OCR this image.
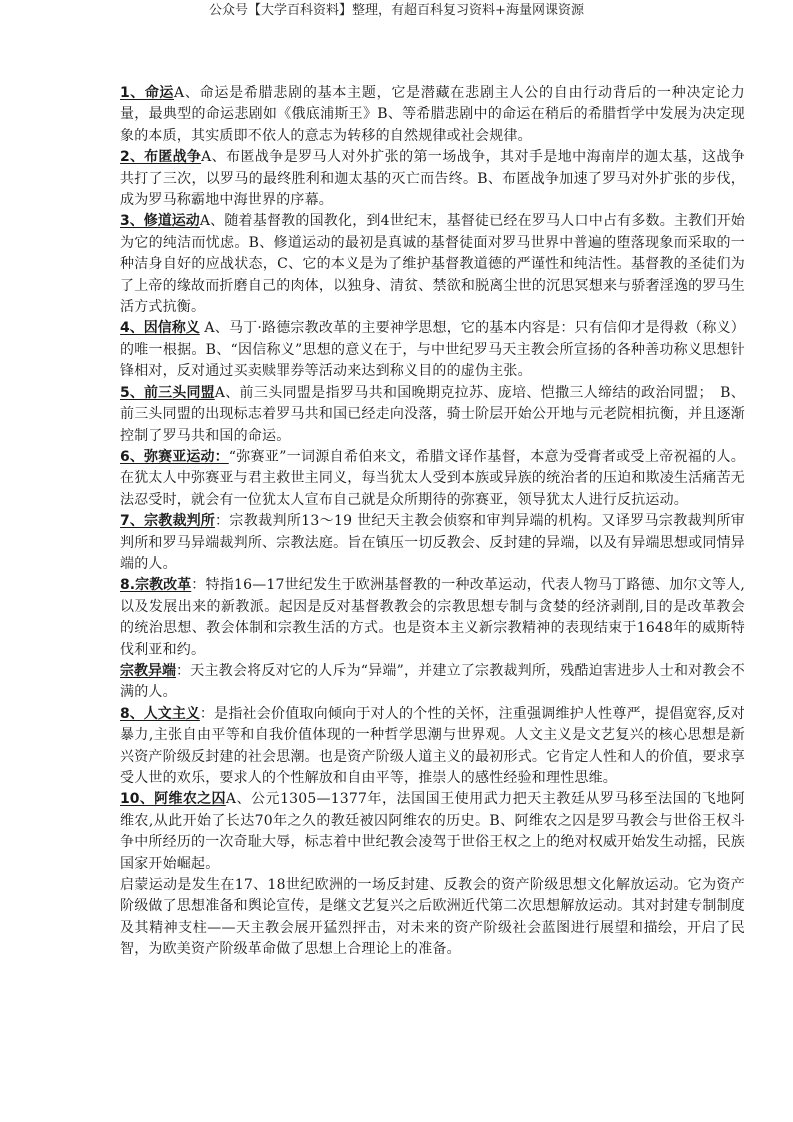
公众号【大学百科资料】整理，有超百科复习资料+海量网课资源

1、命运A、命运是希腊悲剧的基本主题，它是潜藏在悲剧主人公的自由行动背后的一种决定论力量，最典型的命运悲剧如《俄底浦斯王》B、等希腊悲剧中的命运在稍后的希腊哲学中发展为决定现象的本质，其实质即不依人的意志为转移的自然规律或社会规律。

2、布匿战争A、布匿战争是罗马人对外扩张的第一场战争，其对手是地中海南岸的迦太基，这战争共打了三次，以罗马的最终胜利和迦太基的灭亡而告终。B、布匿战争加速了罗马对外扩张的步伐，成为罗马称霸地中海世界的序幕。

3、修道运动A、随着基督教的国教化，到4世纪末，基督徒已经在罗马人口中占有多数。主教们开始为它的纯洁而忧虑。B、修道运动的最初是真诚的基督徒面对罗马世界中普遍的堕落现象而采取的一种洁身自好的应战状态，C、它的本义是为了维护基督教道德的严谨性和纯洁性。基督教的圣徒们为了上帝的缘故而折磨自己的肉体，以独身、清贫、禁欲和脱离尘世的沉思冥想来与骄奢淫逸的罗马生活方式抗衡。

4、因信称义 A、马丁·路德宗教改革的主要神学思想，它的基本内容是：只有信仰才是得救（称义）的唯一根据。B、“因信称义”思想的意义在于，与中世纪罗马天主教会所宣扬的各种善功称义思想针锋相对，反对通过买卖赎罪券等活动来达到称义目的的虚伪主张。

5、前三头同盟A、前三头同盟是指罗马共和国晚期克拉苏、庞培、恺撒三人缔结的政治同盟；　B、前三头同盟的出现标志着罗马共和国已经走向没落，骑士阶层开始公开地与元老院相抗衡，并且逐渐控制了罗马共和国的命运。

6、弥赛亚运动：“弥赛亚”一词源自希伯来文，希腊文译作基督，本意为受膏者或受上帝祝福的人。在犹太人中弥赛亚与君主救世主同义，每当犹太人受到本族或异族的统治者的压迫和欺凌生活痛苦无法忍受时，就会有一位犹太人宣布自己就是众所期待的弥赛亚，领导犹太人进行反抗运动。

7、宗教裁判所：宗教裁判所13～19 世纪天主教会侦察和审判异端的机构。又译罗马宗教裁判所审判所和罗马异端裁判所、宗教法庭。旨在镇压一切反教会、反封建的异端，以及有异端思想或同情异端的人。

8.宗教改革：特指16—17世纪发生于欧洲基督教的一种改革运动，代表人物马丁路德、加尔文等人,以及发展出来的新教派。起因是反对基督教教会的宗教思想专制与贪婪的经济剥削,目的是改革教会的统治思想、教会体制和宗教生活的方式。也是资本主义新宗教精神的表现结束于1648年的威斯特伐利亚和约。

宗教异端：天主教会将反对它的人斥为“异端”，并建立了宗教裁判所，残酷迫害进步人士和对教会不满的人。

8、人文主义：是指社会价值取向倾向于对人的个性的关怀，注重强调维护人性尊严，提倡宽容,反对暴力,主张自由平等和自我价值体现的一种哲学思潮与世界观。人文主义是文艺复兴的核心思想是新兴资产阶级反封建的社会思潮。也是资产阶级人道主义的最初形式。它肯定人性和人的价值，要求享受人世的欢乐，要求人的个性解放和自由平等，推崇人的感性经验和理性思维。

10、阿维农之囚A、公元1305—1377年，法国国王使用武力把天主教廷从罗马移至法国的飞地阿维农,从此开始了长达70年之久的教廷被囚阿维农的历史。B、阿维农之囚是罗马教会与世俗王权斗争中所经历的一次奇耻大辱，标志着中世纪教会凌驾于世俗王权之上的绝对权威开始发生动摇，民族国家开始崛起。

启蒙运动是发生在17、18世纪欧洲的一场反封建、反教会的资产阶级思想文化解放运动。它为资产阶级做了思想准备和舆论宣传，是继文艺复兴之后欧洲近代第二次思想解放运动。其对封建专制制度及其精神支柱——天主教会展开猛烈抨击，对未来的资产阶级社会蓝图进行展望和描绘，开启了民智，为欧美资产阶级革命做了思想上合理论上的准备。
